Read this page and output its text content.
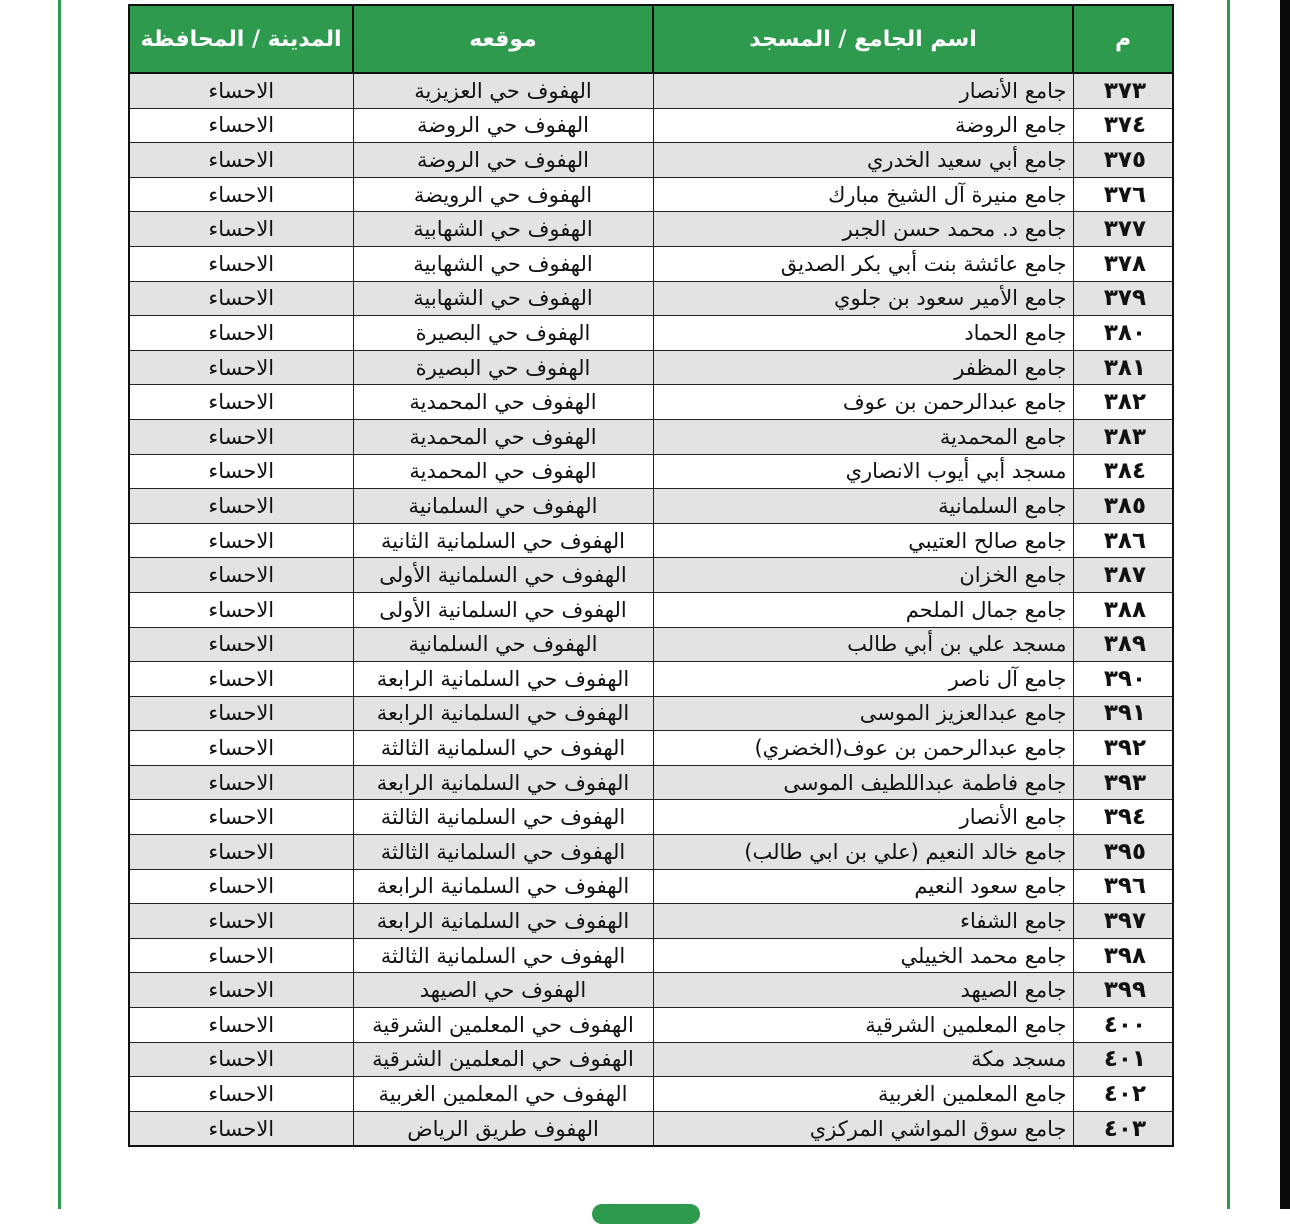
م	اسم الجامع / المسجد	موقعه	المدينة / المحافظة
٣٧٣	جامع الأنصار	الهفوف حي العزيزية	الاحساء
٣٧٤	جامع الروضة	الهفوف حي الروضة	الاحساء
٣٧٥	جامع أبي سعيد الخدري	الهفوف حي الروضة	الاحساء
٣٧٦	جامع منيرة آل الشيخ مبارك	الهفوف حي الرويضة	الاحساء
٣٧٧	جامع د. محمد حسن الجبر	الهفوف حي الشهابية	الاحساء
٣٧٨	جامع عائشة بنت أبي بكر الصديق	الهفوف حي الشهابية	الاحساء
٣٧٩	جامع الأمير سعود بن جلوي	الهفوف حي الشهابية	الاحساء
٣٨٠	جامع الحماد	الهفوف حي البصيرة	الاحساء
٣٨١	جامع المظفر	الهفوف حي البصيرة	الاحساء
٣٨٢	جامع عبدالرحمن بن عوف	الهفوف حي المحمدية	الاحساء
٣٨٣	جامع المحمدية	الهفوف حي المحمدية	الاحساء
٣٨٤	مسجد أبي أيوب الانصاري	الهفوف حي المحمدية	الاحساء
٣٨٥	جامع السلمانية	الهفوف حي السلمانية	الاحساء
٣٨٦	جامع صالح العتيبي	الهفوف حي السلمانية الثانية	الاحساء
٣٨٧	جامع الخزان	الهفوف حي السلمانية الأولى	الاحساء
٣٨٨	جامع جمال الملحم	الهفوف حي السلمانية الأولى	الاحساء
٣٨٩	مسجد علي بن أبي طالب	الهفوف حي السلمانية	الاحساء
٣٩٠	جامع آل ناصر	الهفوف حي السلمانية الرابعة	الاحساء
٣٩١	جامع عبدالعزيز الموسى	الهفوف حي السلمانية الرابعة	الاحساء
٣٩٢	جامع عبدالرحمن بن عوف(الخضري)	الهفوف حي السلمانية الثالثة	الاحساء
٣٩٣	جامع فاطمة عبداللطيف الموسى	الهفوف حي السلمانية الرابعة	الاحساء
٣٩٤	جامع الأنصار	الهفوف حي السلمانية الثالثة	الاحساء
٣٩٥	جامع خالد النعيم (علي بن ابي طالب)	الهفوف حي السلمانية الثالثة	الاحساء
٣٩٦	جامع سعود النعيم	الهفوف حي السلمانية الرابعة	الاحساء
٣٩٧	جامع الشفاء	الهفوف حي السلمانية الرابعة	الاحساء
٣٩٨	جامع محمد الخييلي	الهفوف حي السلمانية الثالثة	الاحساء
٣٩٩	جامع الصيهد	الهفوف حي الصيهد	الاحساء
٤٠٠	جامع المعلمين الشرقية	الهفوف حي المعلمين الشرقية	الاحساء
٤٠١	مسجد مكة	الهفوف حي المعلمين الشرقية	الاحساء
٤٠٢	جامع المعلمين الغربية	الهفوف حي المعلمين الغربية	الاحساء
٤٠٣	جامع سوق المواشي المركزي	الهفوف طريق الرياض	الاحساء
